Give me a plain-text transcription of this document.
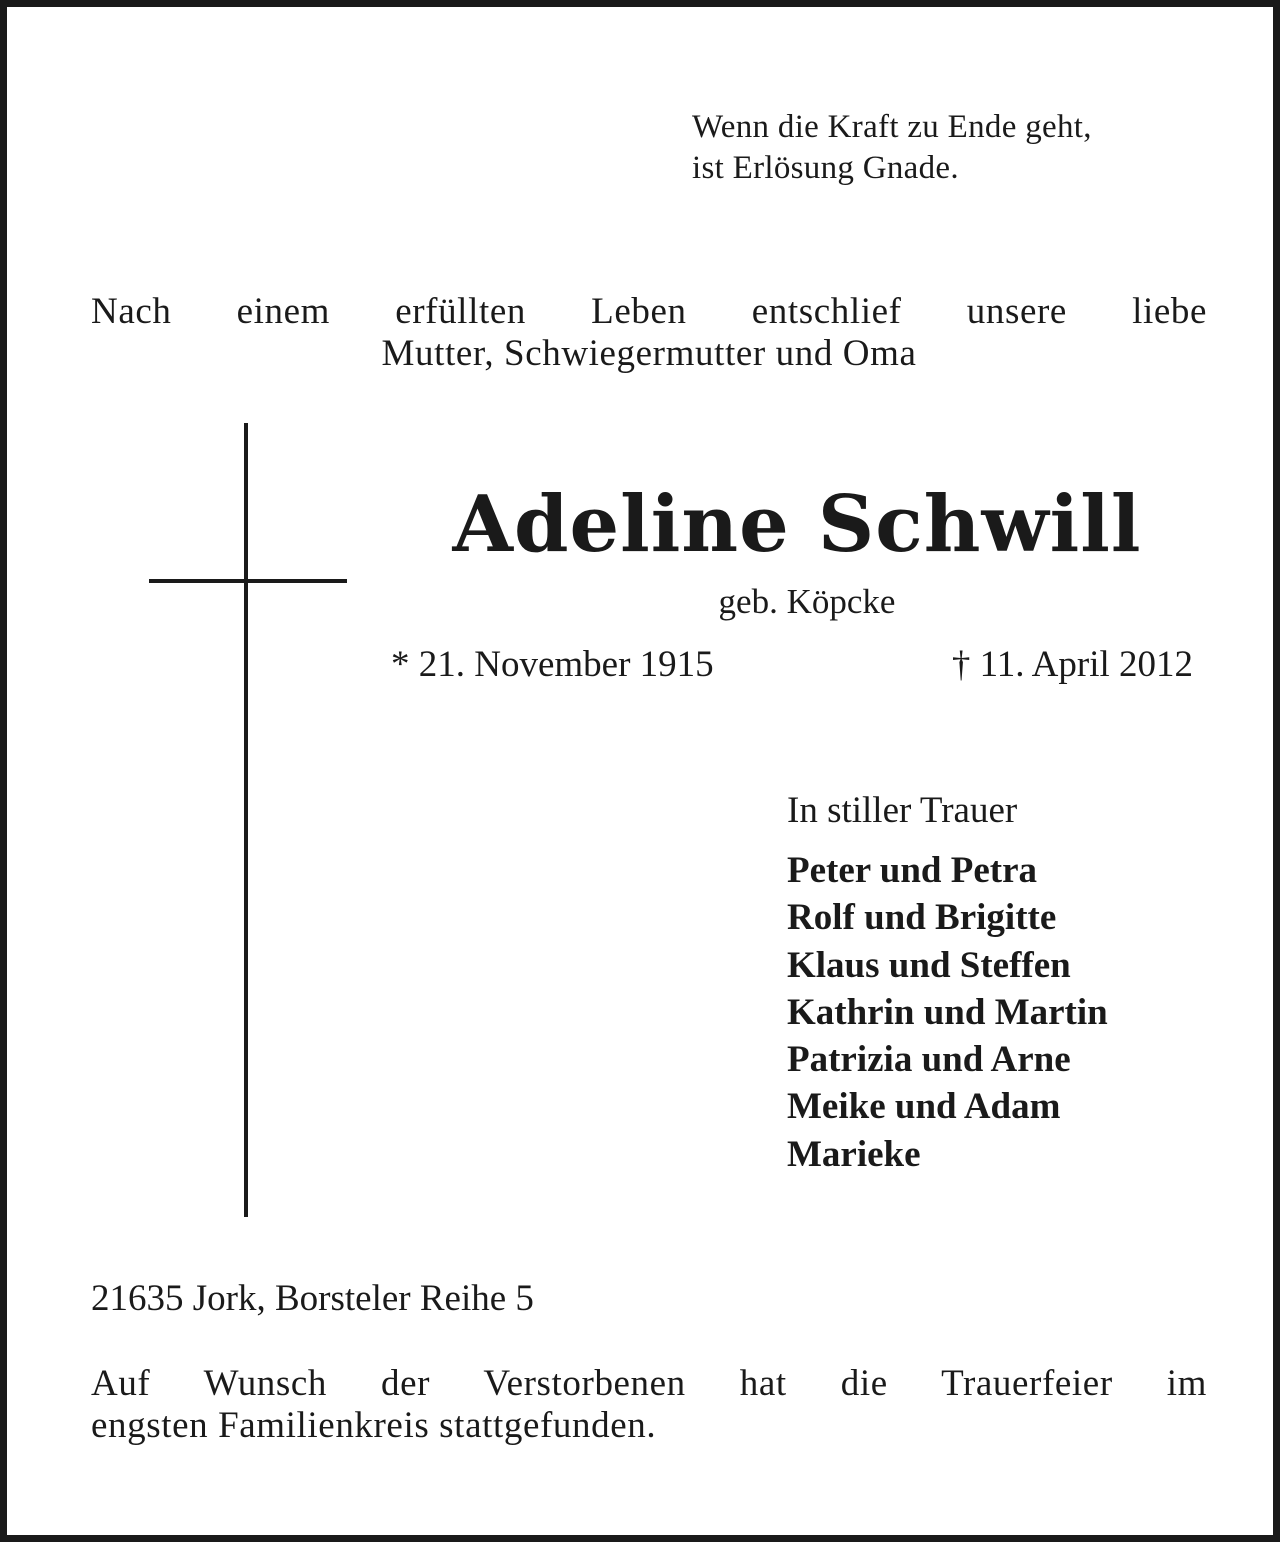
Wenn die Kraft zu Ende geht,
ist Erlösung Gnade.
Nach einem erfüllten Leben entschlief unsere liebe
Mutter, Schwiegermutter und Oma
Adeline Schwill
geb. Köpcke
* 21. November 1915	† 11. April 2012
In stiller Trauer
Peter und Petra
Rolf und Brigitte
Klaus und Steffen
Kathrin und Martin
Patrizia und Arne
Meike und Adam
Marieke
21635 Jork, Borsteler Reihe 5
Auf Wunsch der Verstorbenen hat die Trauerfeier im
engsten Familienkreis stattgefunden.
